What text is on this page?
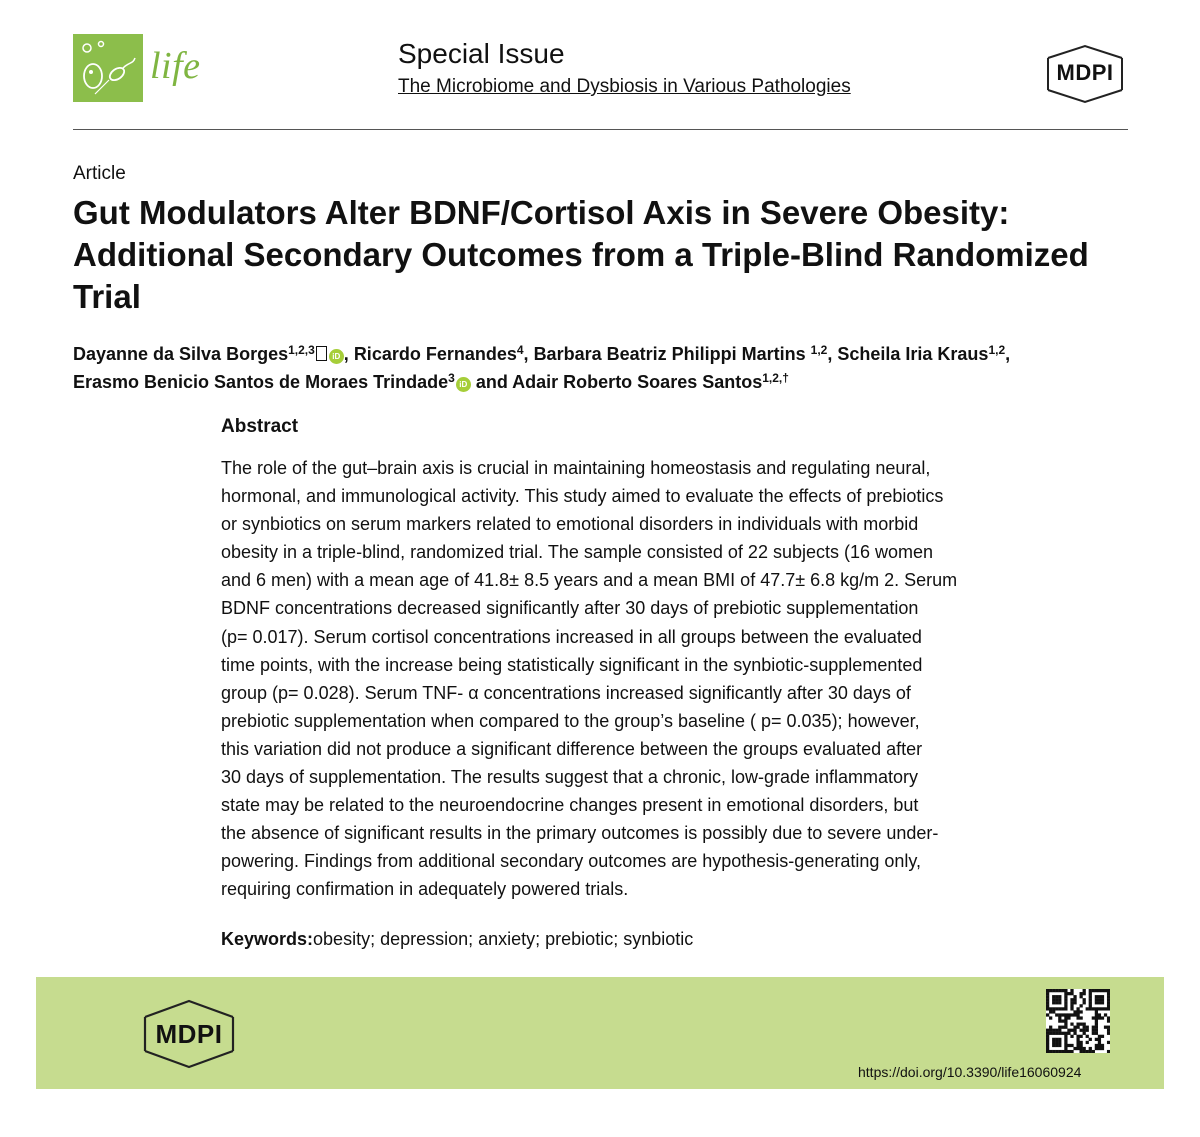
life	Special Issue
The Microbiome and Dysbiosis in Various Pathologies
MDPI
Article
Gut Modulators Alter BDNF/Cortisol Axis in Severe Obesity: Additional Secondary Outcomes from a Triple-Blind Randomized Trial
Dayanne da Silva Borges$^{1,2,3}$ iD , Ricardo Fernandes$^4$, Barbara Beatriz Philippi Martins $^{1,2}$, Scheila Iria Kraus$^{1,2}$,
Erasmo Benicio Santos de Moraes Trindade$^3$ iD and Adair Roberto Soares Santos$^{1,2,\dagger}$
Abstract
The role of the gut–brain axis is crucial in maintaining homeostasis and regulating neural,
hormonal, and immunological activity. This study aimed to evaluate the effects of prebiotics
or synbiotics on serum markers related to emotional disorders in individuals with morbid
obesity in a triple-blind, randomized trial. The sample consisted of 22 subjects (16 women
and 6 men) with a mean age of 41.8± 8.5 years and a mean BMI of 47.7± 6.8 kg/m 2. Serum
BDNF concentrations decreased significantly after 30 days of prebiotic supplementation
(p= 0.017). Serum cortisol concentrations increased in all groups between the evaluated
time points, with the increase being statistically significant in the synbiotic-supplemented
group (p= 0.028). Serum TNF- α concentrations increased significantly after 30 days of
prebiotic supplementation when compared to the group’s baseline ( p= 0.035); however,
this variation did not produce a significant difference between the groups evaluated after
30 days of supplementation. The results suggest that a chronic, low-grade inflammatory
state may be related to the neuroendocrine changes present in emotional disorders, but
the absence of significant results in the primary outcomes is possibly due to severe under-
powering. Findings from additional secondary outcomes are hypothesis-generating only,
requiring confirmation in adequately powered trials.
Keywords:obesity; depression; anxiety; prebiotic; synbiotic
MDPI
https://doi.org/10.3390/life16060924
